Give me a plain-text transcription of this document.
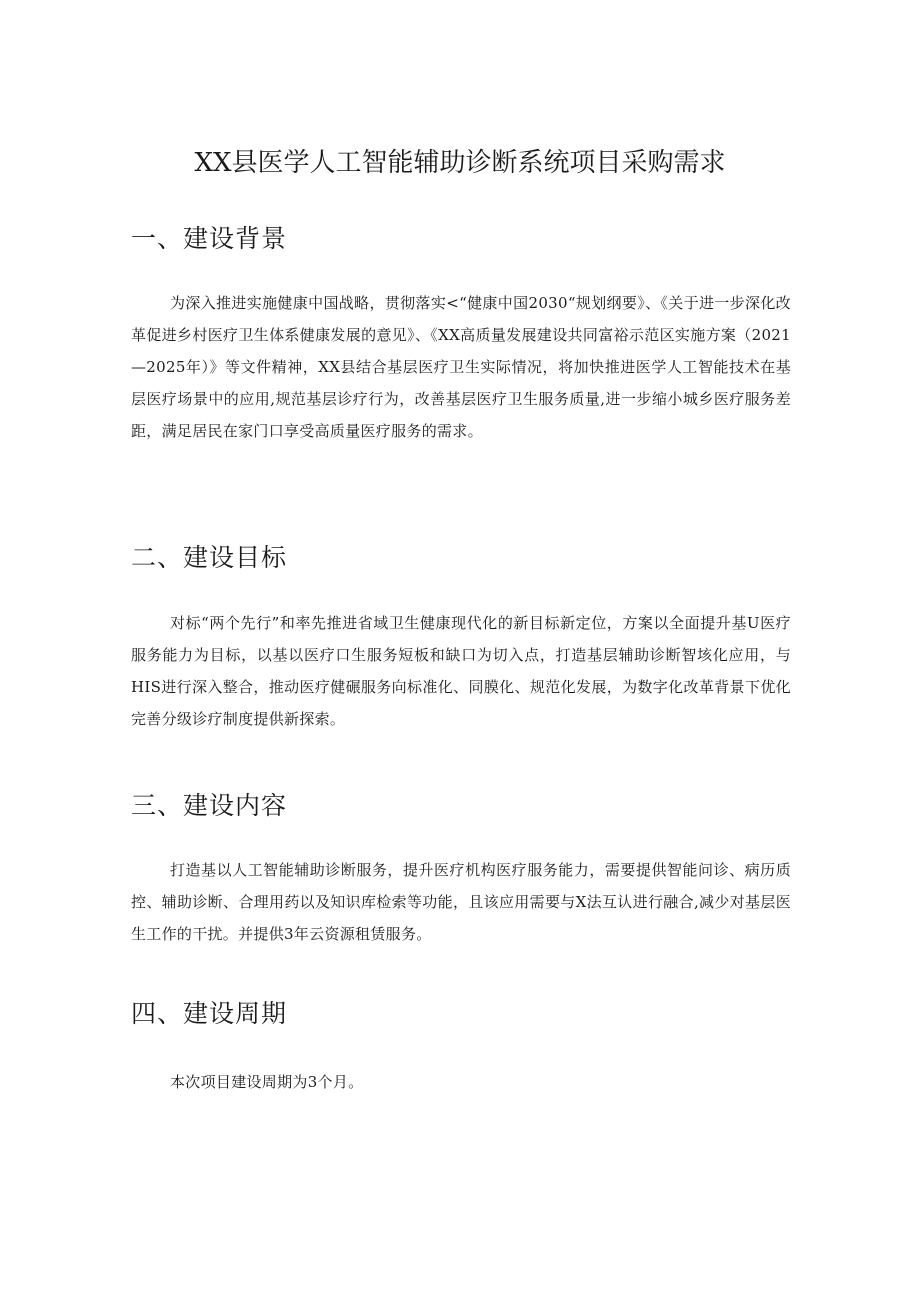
XX县医学人工智能辅助诊断系统项目采购需求
一、建设背景

为深入推进实施健康中国战略，贯彻落实<“健康中国2030“规划纲要》、《关于进一步深化改革促进乡村医疗卫生体系健康发展的意见》、《XX高质量发展建设共同富裕示范区实施方案（2021—2025年）》等文件精神，XX县结合基层医疗卫生实际情况，将加快推进医学人工智能技术在基层医疗场景中的应用,规范基层诊疗行为，改善基层医疗卫生服务质量,进一步缩小城乡医疗服务差距，满足居民在家门口享受高质量医疗服务的需求。

二、建设目标

对标“两个先行”和率先推进省域卫生健康现代化的新目标新定位，方案以全面提升基U医疗服务能力为目标，以基以医疗口生服务短板和缺口为切入点，打造基层辅助诊断智垓化应用，与HIS进行深入整合，推动医疗健碾服务向标准化、同膜化、规范化发展，为数字化改革背景下优化完善分级诊疗制度提供新探索。

三、建设内容

打造基以人工智能辅助诊断服务，提升医疗机构医疗服务能力，需要提供智能问诊、病历质控、辅助诊断、合理用药以及知识库检索等功能，且该应用需要与X法互认进行融合,减少对基层医生工作的干扰。并提供3年云资源租赁服务。

四、建设周期

本次项目建设周期为3个月。
